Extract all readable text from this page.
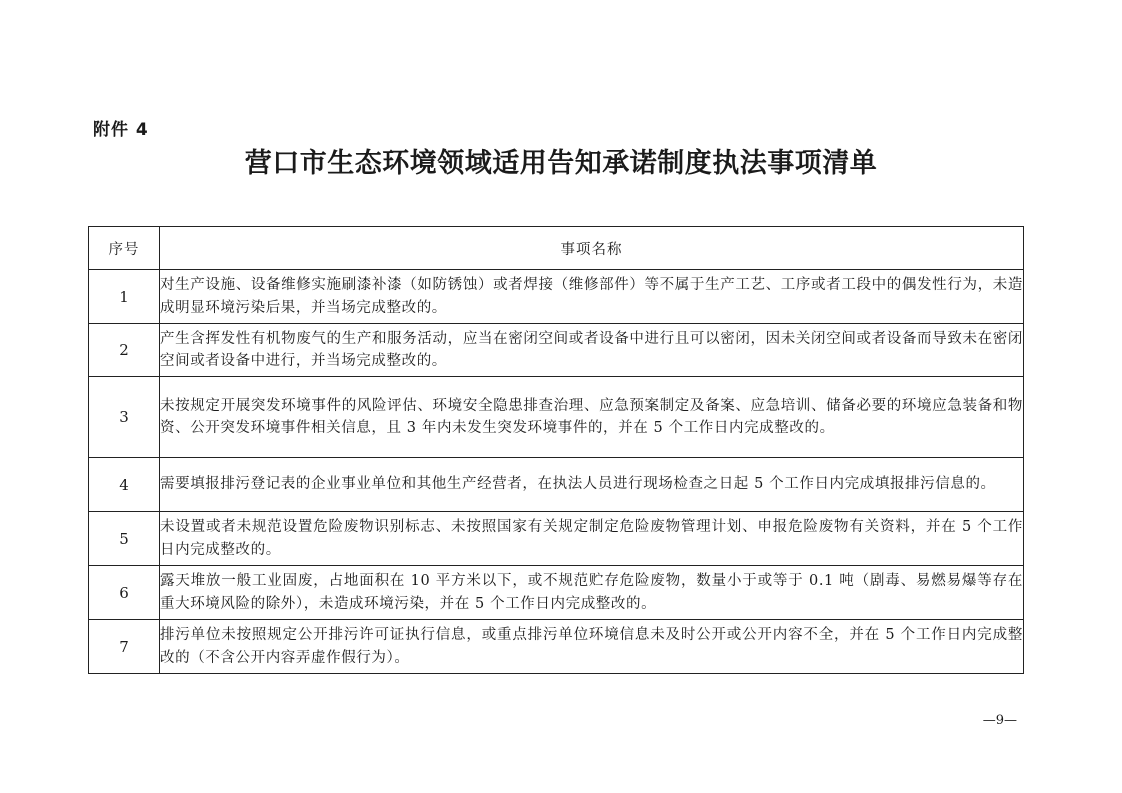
附件 4
营口市生态环境领域适用告知承诺制度执法事项清单
序号	事项名称
1	对生产设施、设备维修实施刷漆补漆（如防锈蚀）或者焊接（维修部件）等不属于生产工艺、工序或者工段中的偶发性行为，未造成明显环境污染后果，并当场完成整改的。
2	产生含挥发性有机物废气的生产和服务活动，应当在密闭空间或者设备中进行且可以密闭，因未关闭空间或者设备而导致未在密闭空间或者设备中进行，并当场完成整改的。
3	未按规定开展突发环境事件的风险评估、环境安全隐患排查治理、应急预案制定及备案、应急培训、储备必要的环境应急装备和物资、公开突发环境事件相关信息，且 3 年内未发生突发环境事件的，并在 5 个工作日内完成整改的。
4	需要填报排污登记表的企业事业单位和其他生产经营者，在执法人员进行现场检查之日起 5 个工作日内完成填报排污信息的。
5	未设置或者未规范设置危险废物识别标志、未按照国家有关规定制定危险废物管理计划、申报危险废物有关资料，并在 5 个工作日内完成整改的。
6	露天堆放一般工业固废，占地面积在 10 平方米以下，或不规范贮存危险废物，数量小于或等于 0.1 吨（剧毒、易燃易爆等存在重大环境风险的除外），未造成环境污染，并在 5 个工作日内完成整改的。
7	排污单位未按照规定公开排污许可证执行信息，或重点排污单位环境信息未及时公开或公开内容不全，并在 5 个工作日内完成整改的（不含公开内容弄虚作假行为）。
—9—
